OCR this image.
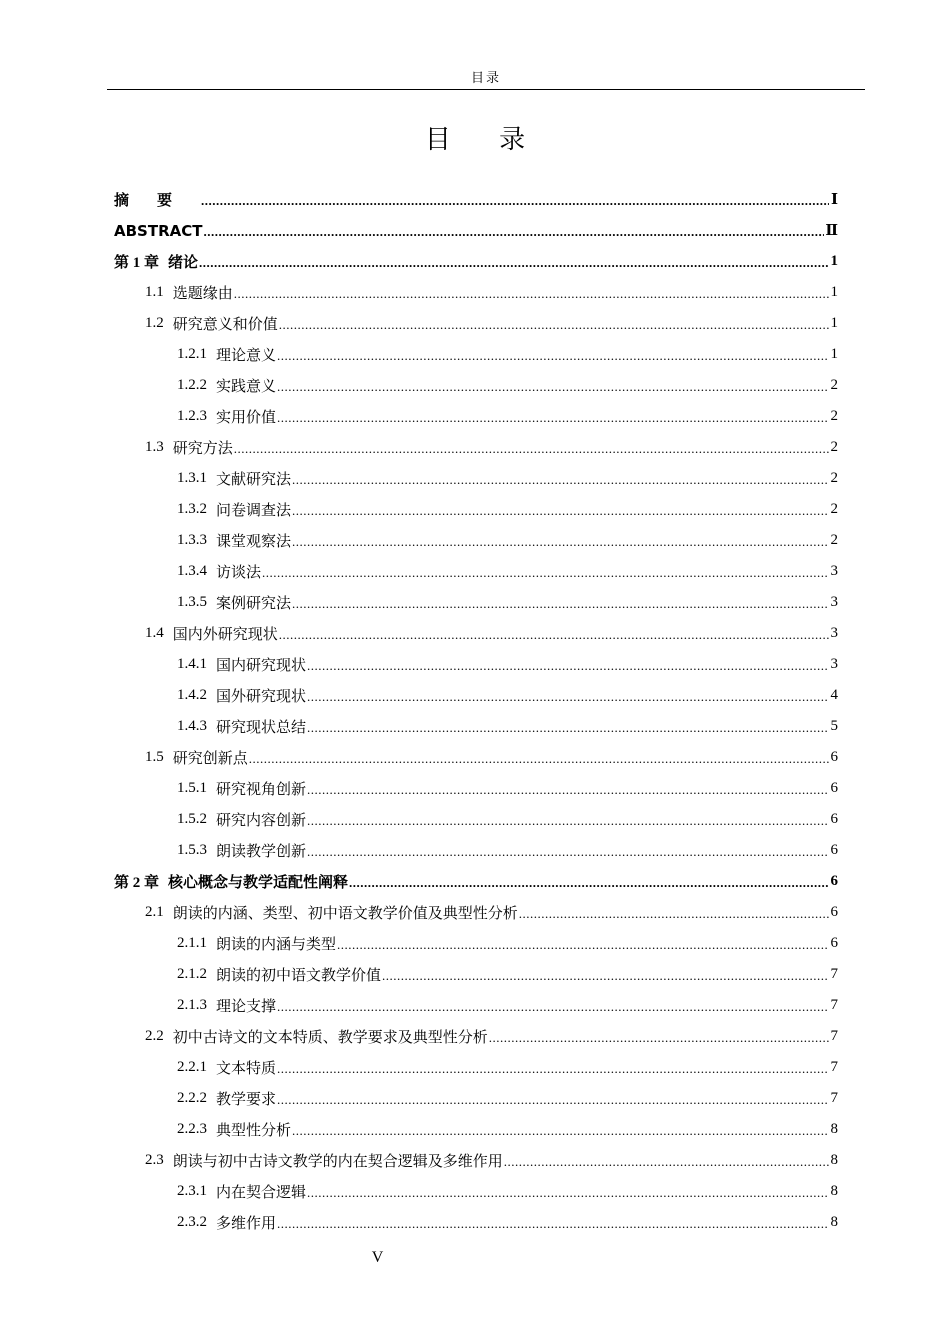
目录
目 录
摘要 .....	Ⅰ
ABSTRACT .....	Ⅱ
第 1 章 绪论 .....	1
1.1 选题缘由 .....	1
1.2 研究意义和价值 .....	1
1.2.1 理论意义 .....	1
1.2.2 实践意义 .....	2
1.2.3 实用价值 .....	2
1.3 研究方法 .....	2
1.3.1 文献研究法 .....	2
1.3.2 问卷调查法 .....	2
1.3.3 课堂观察法 .....	2
1.3.4 访谈法 .....	3
1.3.5 案例研究法 .....	3
1.4 国内外研究现状 .....	3
1.4.1 国内研究现状 .....	3
1.4.2 国外研究现状 .....	4
1.4.3 研究现状总结 .....	5
1.5 研究创新点 .....	6
1.5.1 研究视角创新 .....	6
1.5.2 研究内容创新 .....	6
1.5.3 朗读教学创新 .....	6
第 2 章 核心概念与教学适配性阐释 .....	6
2.1 朗读的内涵、类型、初中语文教学价值及典型性分析 .....	6
2.1.1 朗读的内涵与类型 .....	6
2.1.2 朗读的初中语文教学价值 .....	7
2.1.3 理论支撑 .....	7
2.2 初中古诗文的文本特质、教学要求及典型性分析 .....	7
2.2.1 文本特质 .....	7
2.2.2 教学要求 .....	7
2.2.3 典型性分析 .....	8
2.3 朗读与初中古诗文教学的内在契合逻辑及多维作用 .....	8
2.3.1 内在契合逻辑 .....	8
2.3.2 多维作用 .....	8
V
